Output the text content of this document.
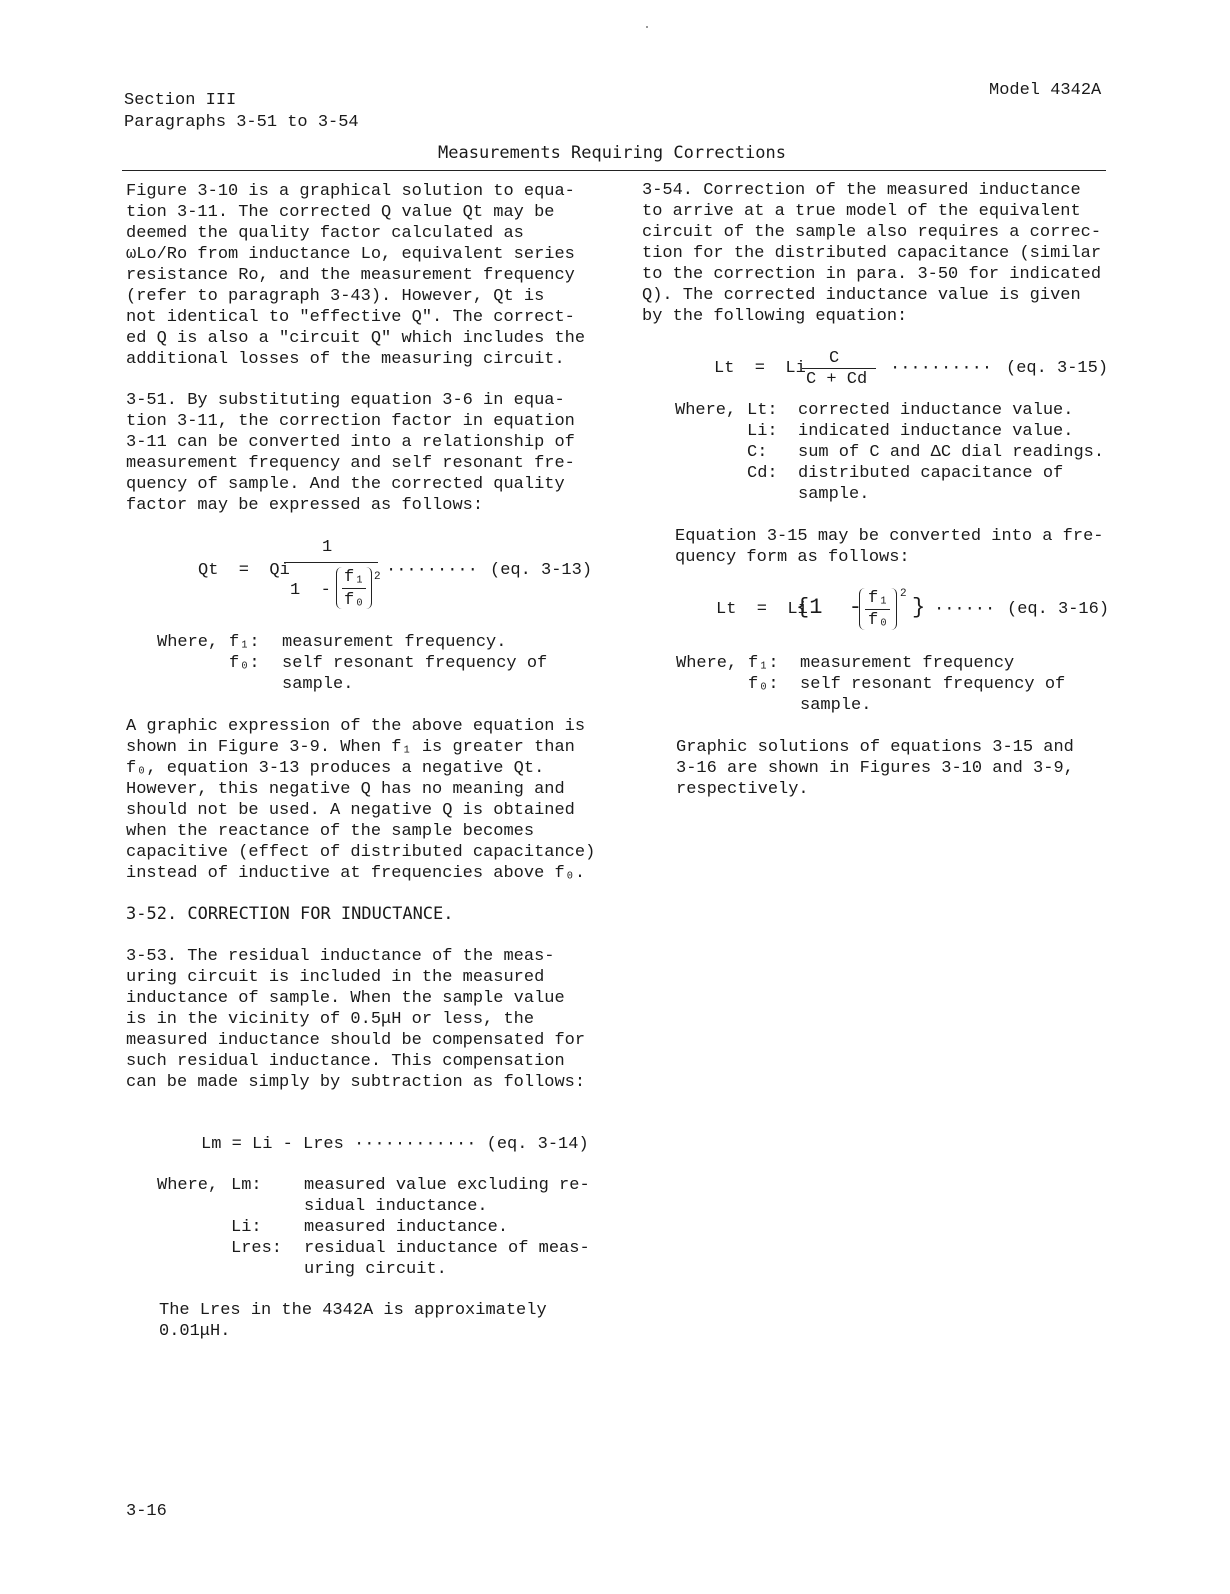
Section III
Paragraphs 3-51 to 3-54
Model 4342A
Measurements Requiring Corrections
Figure 3-10 is a graphical solution to equa-
tion 3-11. The corrected Q value Qt may be
deemed the quality factor calculated as
ωLo/Ro from inductance Lo, equivalent series
resistance Ro, and the measurement frequency
(refer to paragraph 3-43). However, Qt is
not identical to "effective Q". The correct-
ed Q is also a "circuit Q" which includes the
additional losses of the measuring circuit.
3-51. By substituting equation 3-6 in equa-
tion 3-11, the correction factor in equation
3-11 can be converted into a relationship of
measurement frequency and self resonant fre-
quency of sample. And the corrected quality
factor may be expressed as follows:
Qt  =  Qi
1
1  -
f₁
f₀
2 ········· (eq. 3-13)
Where, f₁:
f₀:
measurement frequency.
self resonant frequency of
sample.
A graphic expression of the above equation is
shown in Figure 3-9. When f₁ is greater than
f₀, equation 3-13 produces a negative Qt.
However, this negative Q has no meaning and
should not be used. A negative Q is obtained
when the reactance of the sample becomes
capacitive (effect of distributed capacitance)
instead of inductive at frequencies above f₀.
3-52. CORRECTION FOR INDUCTANCE.
3-53. The residual inductance of the meas-
uring circuit is included in the measured
inductance of sample. When the sample value
is in the vicinity of 0.5μH or less, the
measured inductance should be compensated for
such residual inductance. This compensation
can be made simply by subtraction as follows:
Lm = Li - Lres ············ (eq. 3-14)
Where, Lm:
Li:
Lres:
measured value excluding re-
sidual inductance.
measured inductance.
residual inductance of meas-
uring circuit.
The Lres in the 4342A is approximately
0.01μH.
3-54. Correction of the measured inductance
to arrive at a true model of the equivalent
circuit of the sample also requires a correc-
tion for the distributed capacitance (similar
to the correction in para. 3-50 for indicated
Q). The corrected inductance value is given
by the following equation:
Lt  =  Li
C
C + Cd
·········· (eq. 3-15)
Where, Lt:
Li:
C:
Cd:
corrected inductance value.
indicated inductance value.
sum of C and ΔC dial readings.
distributed capacitance of
sample.
Equation 3-15 may be converted into a fre-
quency form as follows:
Lt  =  Li
{1  - f₁
f₀
2
} ······ (eq. 3-16)
Where, f₁:
f₀:
measurement frequency
self resonant frequency of
sample.
Graphic solutions of equations 3-15 and
3-16 are shown in Figures 3-10 and 3-9,
respectively.
3-16
